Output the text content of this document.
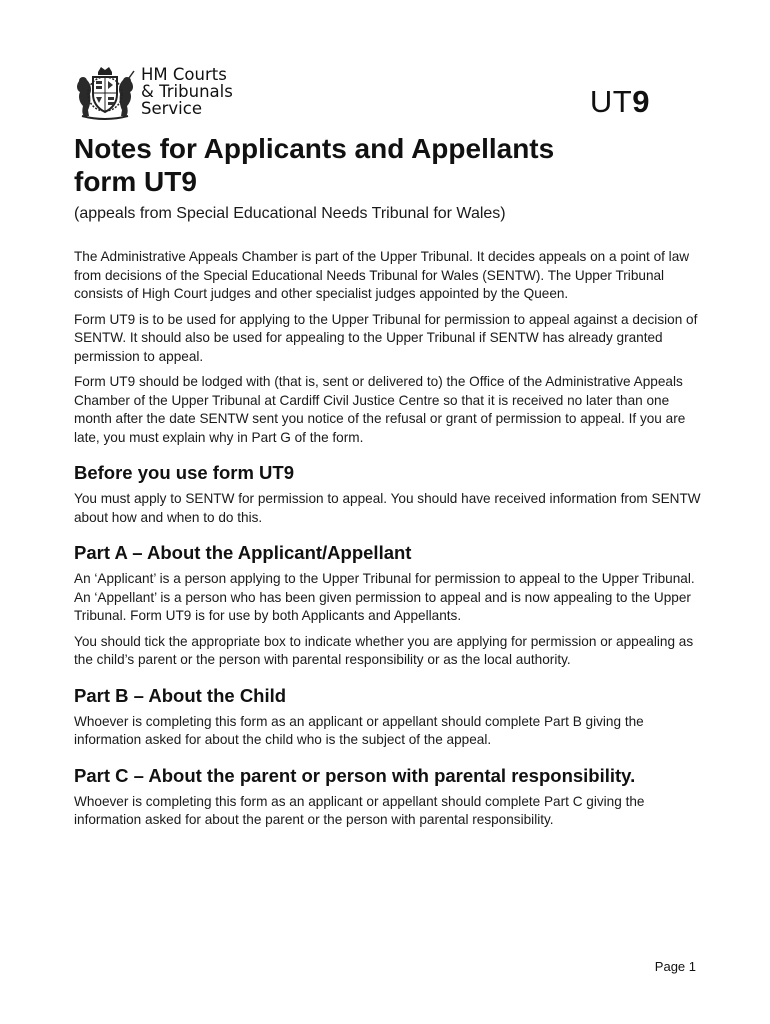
HM Courts
& Tribunals
Service	UT9
Notes for Applicants and Appellants
form UT9
(appeals from Special Educational Needs Tribunal for Wales)

The Administrative Appeals Chamber is part of the Upper Tribunal. It decides appeals on a point of law from decisions of the Special Educational Needs Tribunal for Wales (SENTW). The Upper Tribunal consists of High Court judges and other specialist judges appointed by the Queen.

Form UT9 is to be used for applying to the Upper Tribunal for permission to appeal against a decision of SENTW. It should also be used for appealing to the Upper Tribunal if SENTW has already granted permission to appeal.

Form UT9 should be lodged with (that is, sent or delivered to) the Office of the Administrative Appeals Chamber of the Upper Tribunal at Cardiff Civil Justice Centre so that it is received no later than one month after the date SENTW sent you notice of the refusal or grant of permission to appeal. If you are late, you must explain why in Part G of the form.

Before you use form UT9

You must apply to SENTW for permission to appeal. You should have received information from SENTW about how and when to do this.

Part A – About the Applicant/Appellant

An ‘Applicant’ is a person applying to the Upper Tribunal for permission to appeal to the Upper Tribunal. An ‘Appellant’ is a person who has been given permission to appeal and is now appealing to the Upper Tribunal. Form UT9 is for use by both Applicants and Appellants.

You should tick the appropriate box to indicate whether you are applying for permission or appealing as the child’s parent or the person with parental responsibility or as the local authority.

Part B – About the Child

Whoever is completing this form as an applicant or appellant should complete Part B giving the information asked for about the child who is the subject of the appeal.

Part C – About the parent or person with parental responsibility.

Whoever is completing this form as an applicant or appellant should complete Part C giving the information asked for about the parent or the person with parental responsibility.

Page 1
